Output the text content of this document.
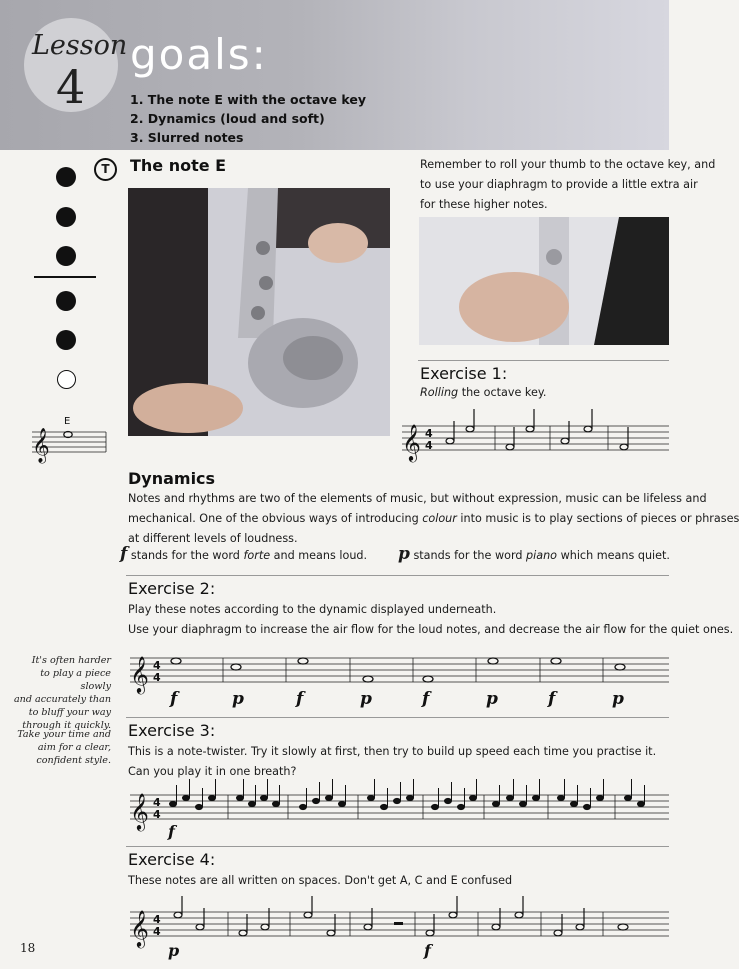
Lesson
4
goals:
1. The note E with the octave key
2. Dynamics (loud and soft)
3. Slurred notes
T	The note E
𝄞
E
Remember to roll your thumb to the octave key, and
to use your diaphragm to provide a little extra air
for these higher notes.
Exercise 1:
Rolling the octave key.
𝄞 4
4
Dynamics
Notes and rhythms are two of the elements of music, but without expression, music can be lifeless and
mechanical. One of the obvious ways of introducing colour into music is to play sections of pieces or phrases
at different levels of loudness.
f stands for the word forte and means loud. p stands for the word piano which means quiet.
Exercise 2:
Play these notes according to the dynamic displayed underneath.
Use your diaphragm to increase the air flow for the loud notes, and decrease the air flow for the quiet ones.
𝄞 4
4
f	p	f	p	f	p	f	p
It's often harder
to play a piece slowly
and accurately than
to bluff your way
through it quickly.
Take your time and
aim for a clear,
confident style.
Exercise 3:
This is a note-twister. Try it slowly at first, then try to build up speed each time you practise it.
Can you play it in one breath?
𝄞 4
4
f
Exercise 4:
These notes are all written on spaces. Don't get A, C and E confused
𝄞 4
4
p	f
18
